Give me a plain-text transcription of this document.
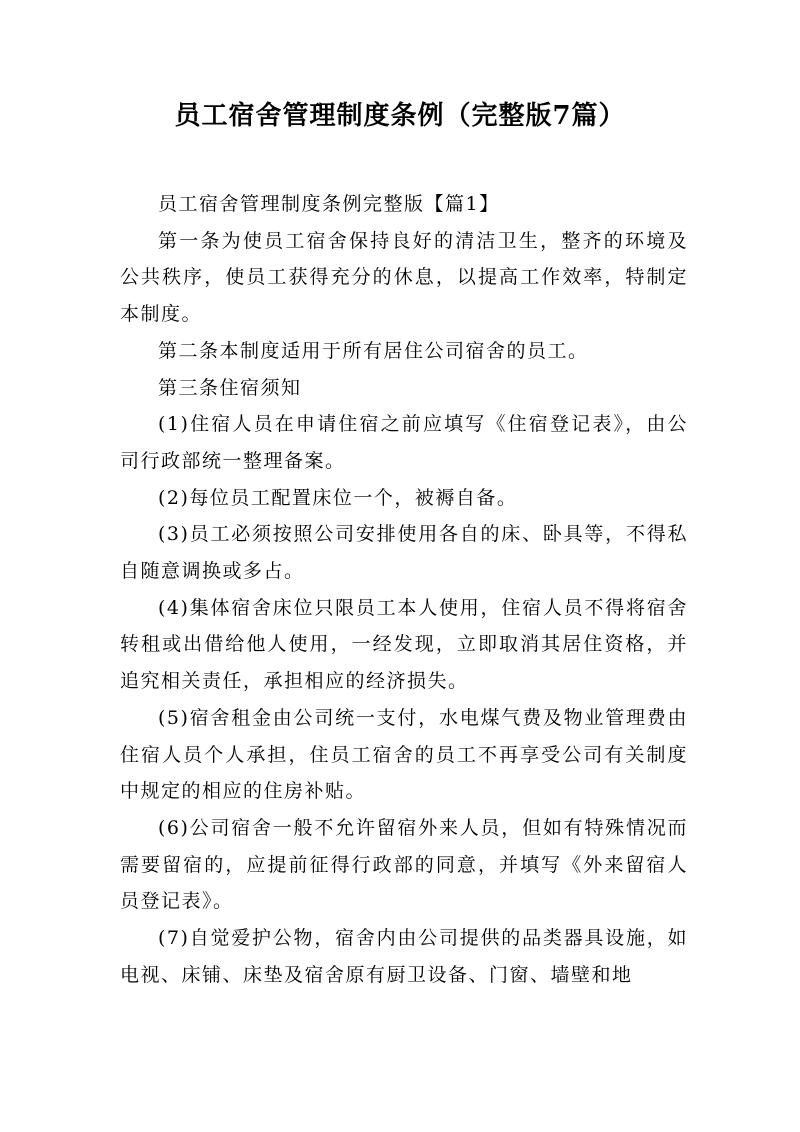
员工宿舍管理制度条例（完整版7篇）

员工宿舍管理制度条例完整版【篇1】

第一条为使员工宿舍保持良好的清洁卫生，整齐的环境及公共秩序，使员工获得充分的休息，以提高工作效率，特制定本制度。

第二条本制度适用于所有居住公司宿舍的员工。

第三条住宿须知

(1)住宿人员在申请住宿之前应填写《住宿登记表》，由公司行政部统一整理备案。

(2)每位员工配置床位一个，被褥自备。

(3)员工必须按照公司安排使用各自的床、卧具等，不得私自随意调换或多占。

(4)集体宿舍床位只限员工本人使用，住宿人员不得将宿舍转租或出借给他人使用，一经发现，立即取消其居住资格，并追究相关责任，承担相应的经济损失。

(5)宿舍租金由公司统一支付，水电煤气费及物业管理费由住宿人员个人承担，住员工宿舍的员工不再享受公司有关制度中规定的相应的住房补贴。

(6)公司宿舍一般不允许留宿外来人员，但如有特殊情况而需要留宿的，应提前征得行政部的同意，并填写《外来留宿人员登记表》。

(7)自觉爱护公物，宿舍内由公司提供的品类器具设施，如电视、床铺、床垫及宿舍原有厨卫设备、门窗、墙壁和地
